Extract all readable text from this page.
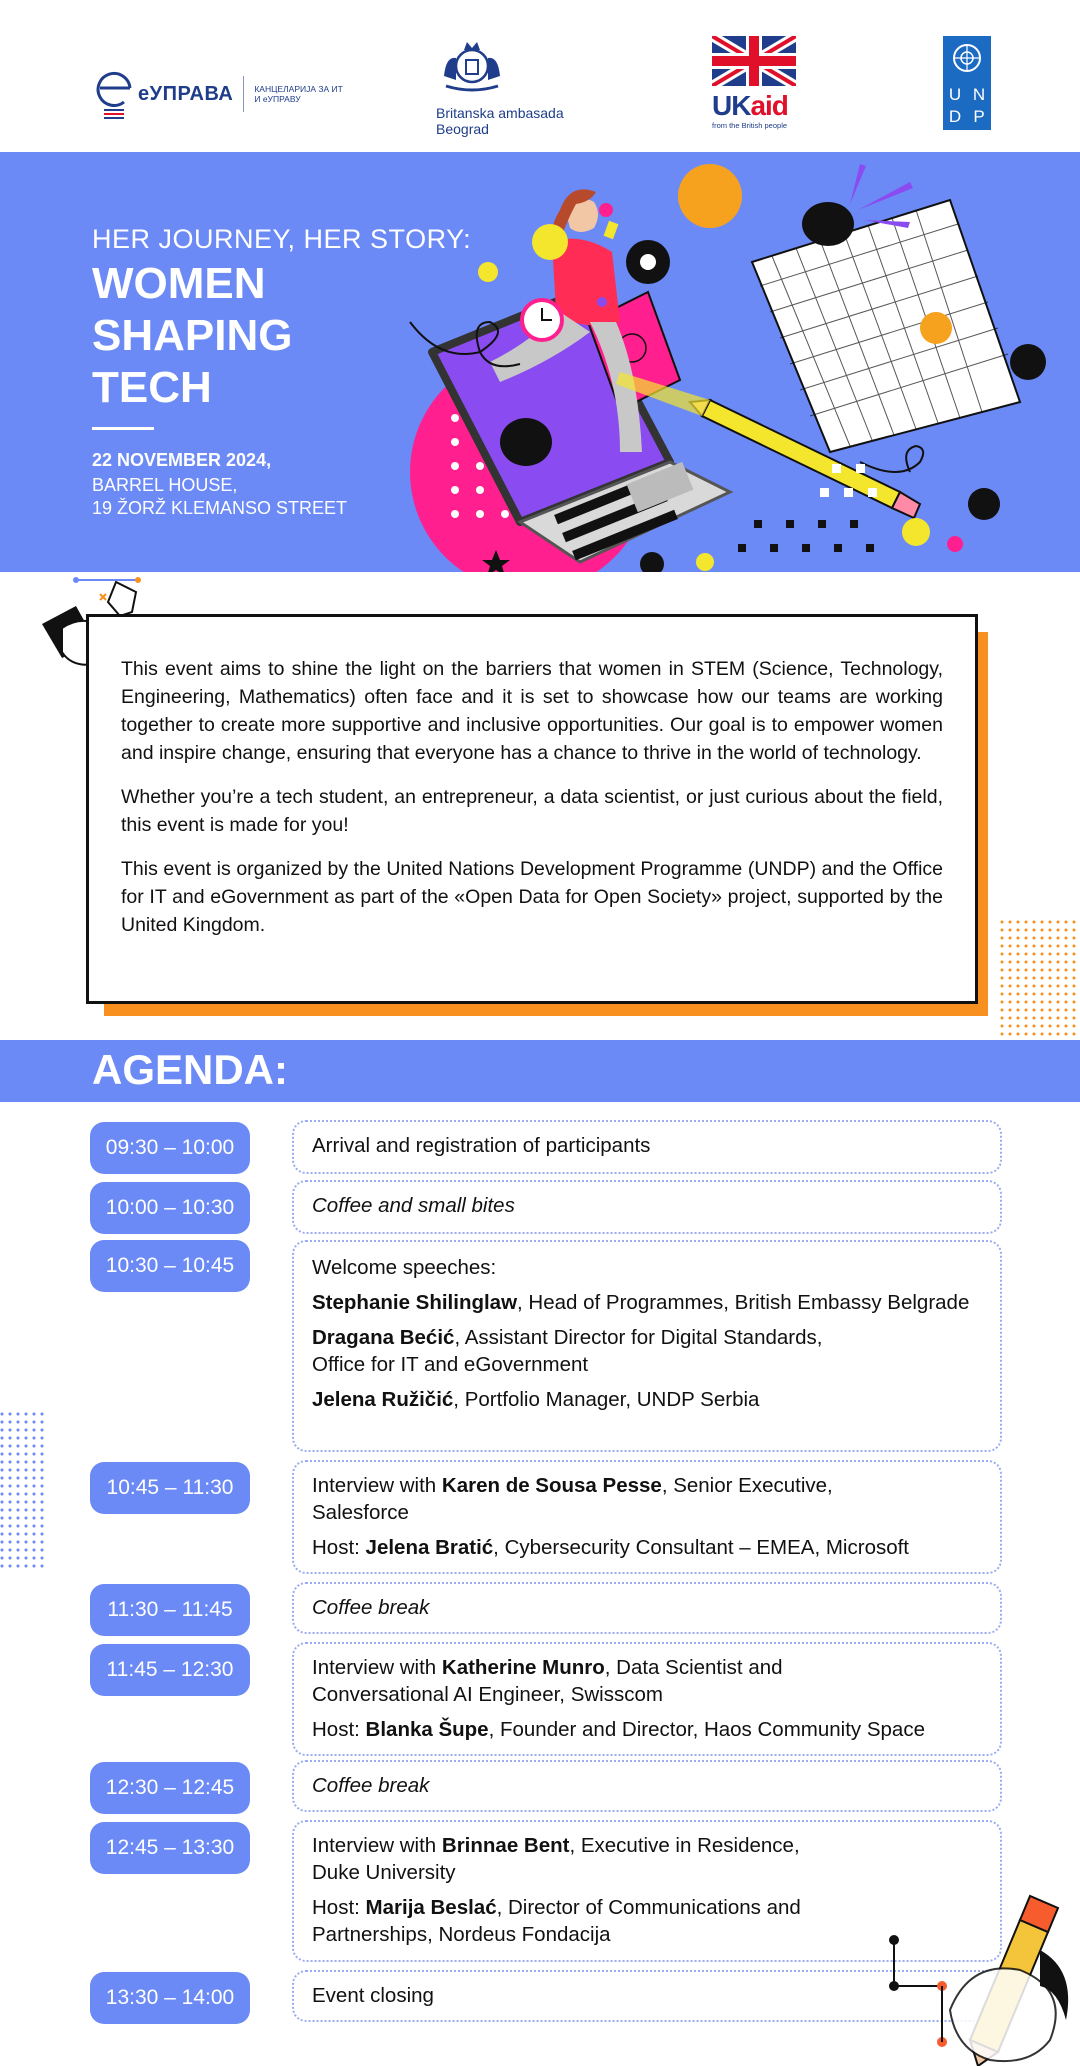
eУПРАВА КАНЦЕЛАРИЈА ЗА ИТ И eУПРАВУ
Britanska ambasada
Beograd
UKaid
from the British people
U N
D P
HER JOURNEY, HER STORY:
WOMEN
SHAPING
TECH
22 NOVEMBER 2024,
BARREL HOUSE,
19 ŽORŽ KLEMANSO STREET

This event aims to shine the light on the barriers that women in STEM (Science, Technology, Engineering, Mathematics) often face and it is set to showcase how our teams are working together to create more supportive and inclusive opportunities. Our goal is to empower women and inspire change, ensuring that everyone has a chance to thrive in the world of technology.

Whether you’re a tech student, an entrepreneur, a data scientist, or just curious about the field, this event is made for you!

This event is organized by the United Nations Development Programme (UNDP) and the Office for IT and eGovernment as part of the «Open Data for Open Society» project, supported by the United Kingdom.

AGENDA:
09:30 – 10:00	Arrival and registration of participants
10:00 – 10:30	Coffee and small bites
10:30 – 10:45	Welcome speeches:
Stephanie Shilinglaw, Head of Programmes, British Embassy Belgrade
Dragana Bećić, Assistant Director for Digital Standards,
Office for IT and eGovernment
Jelena Ružičić, Portfolio Manager, UNDP Serbia
10:45 – 11:30	Interview with Karen de Sousa Pesse, Senior Executive,
Salesforce
Host: Jelena Bratić, Cybersecurity Consultant – EMEA, Microsoft
11:30 – 11:45	Coffee break
11:45 – 12:30	Interview with Katherine Munro, Data Scientist and
Conversational AI Engineer, Swisscom
Host: Blanka Šupe, Founder and Director, Haos Community Space
12:30 – 12:45	Coffee break
12:45 – 13:30	Interview with Brinnae Bent, Executive in Residence,
Duke University
Host: Marija Beslać, Director of Communications and
Partnerships, Nordeus Fondacija
13:30 – 14:00	Event closing
